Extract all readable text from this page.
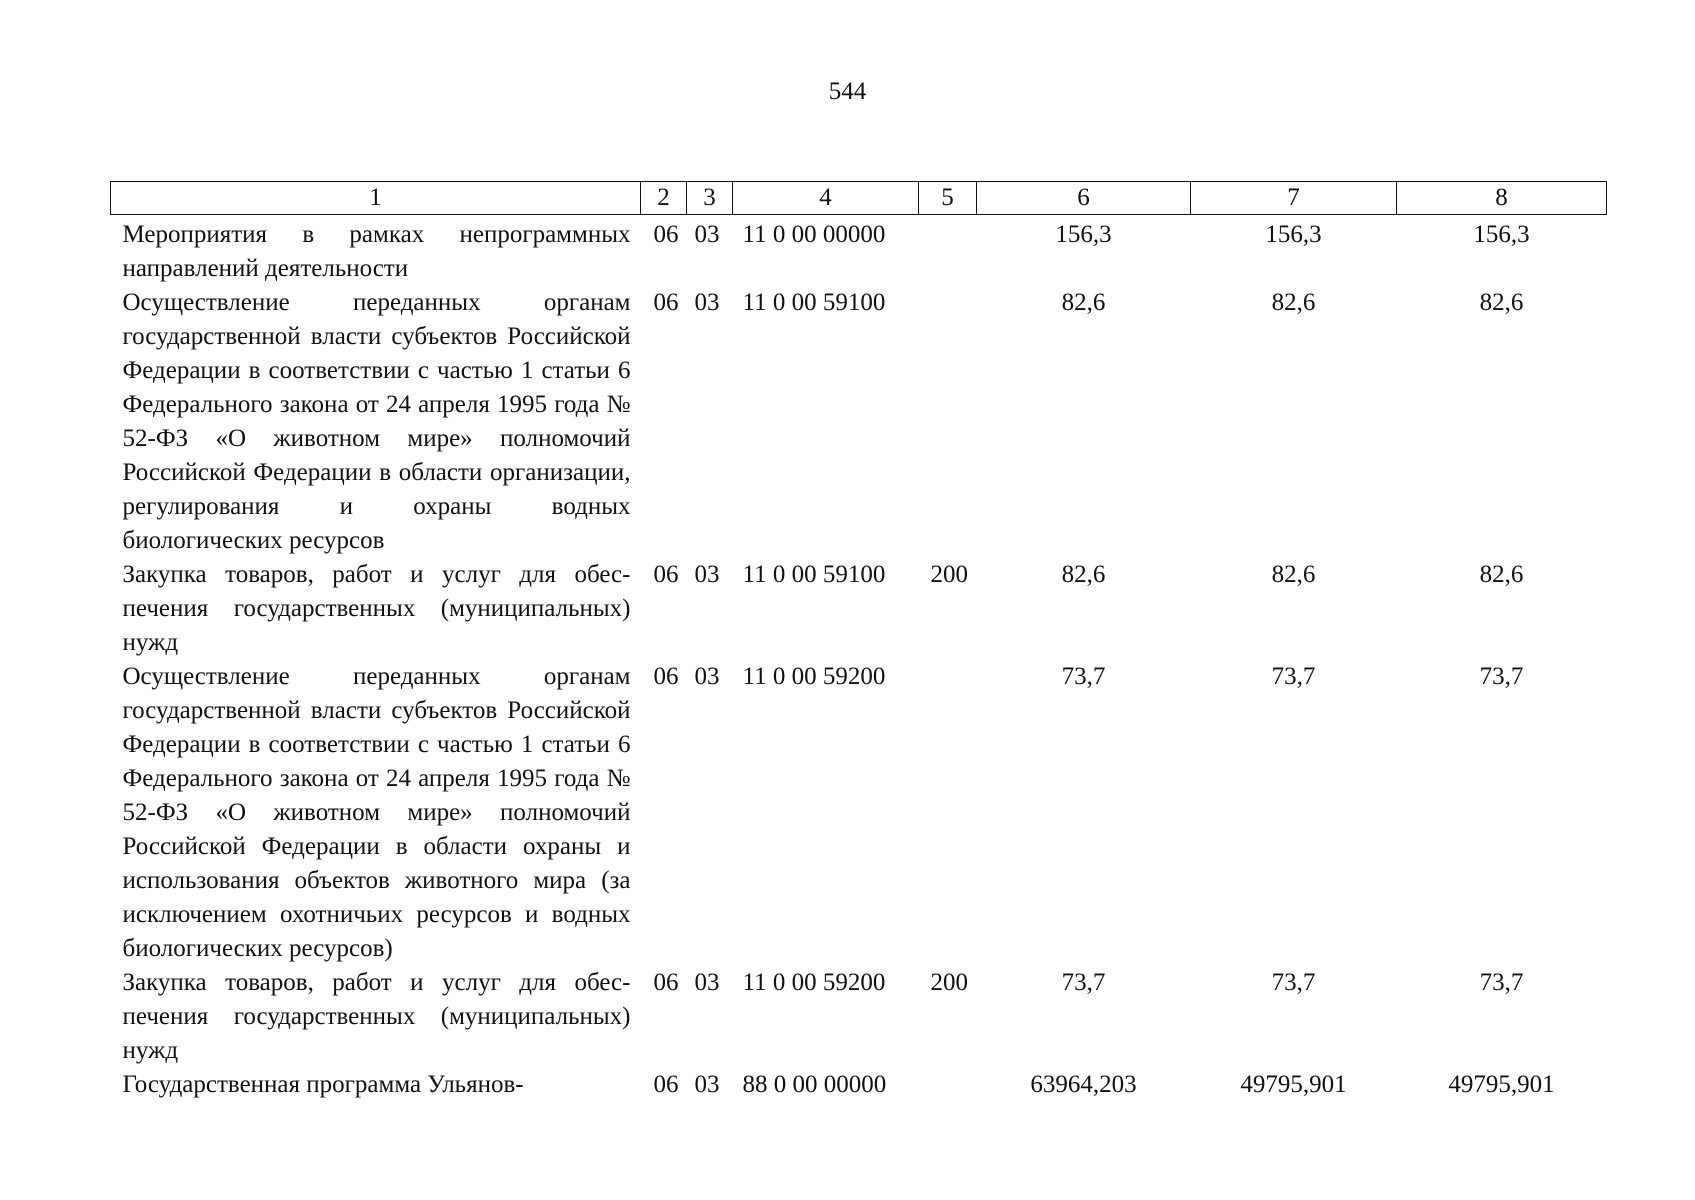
544
1	2	3	4	5	6	7	8
Мероприятия в рамках непрограммных направлений деятельности	06	03	11 0 00 00000		156,3	156,3	156,3
Осуществление переданных органам государственной власти субъектов Российской Федерации в соответствии с частью 1 статьи 6 Федерального закона от 24 апреля 1995 года № 52-ФЗ «О животном мире» полномочий Российской Федерации в области организации, регулирования и охраны водных биологических ресурсов	06	03	11 0 00 59100		82,6	82,6	82,6
Закупка товаров, работ и услуг для обеспечения государственных (муниципальных) нужд	06	03	11 0 00 59100	200	82,6	82,6	82,6
Осуществление переданных органам государственной власти субъектов Российской Федерации в соответствии с частью 1 статьи 6 Федерального закона от 24 апреля 1995 года № 52-ФЗ «О животном мире» полномочий Российской Федерации в области охраны и использования объектов животного мира (за исключением охотничьих ресурсов и водных биологических ресурсов)	06	03	11 0 00 59200		73,7	73,7	73,7
Закупка товаров, работ и услуг для обеспечения государственных (муниципальных) нужд	06	03	11 0 00 59200	200	73,7	73,7	73,7
Государственная программа Ульянов-	06	03	88 0 00 00000		63964,203	49795,901	49795,901
